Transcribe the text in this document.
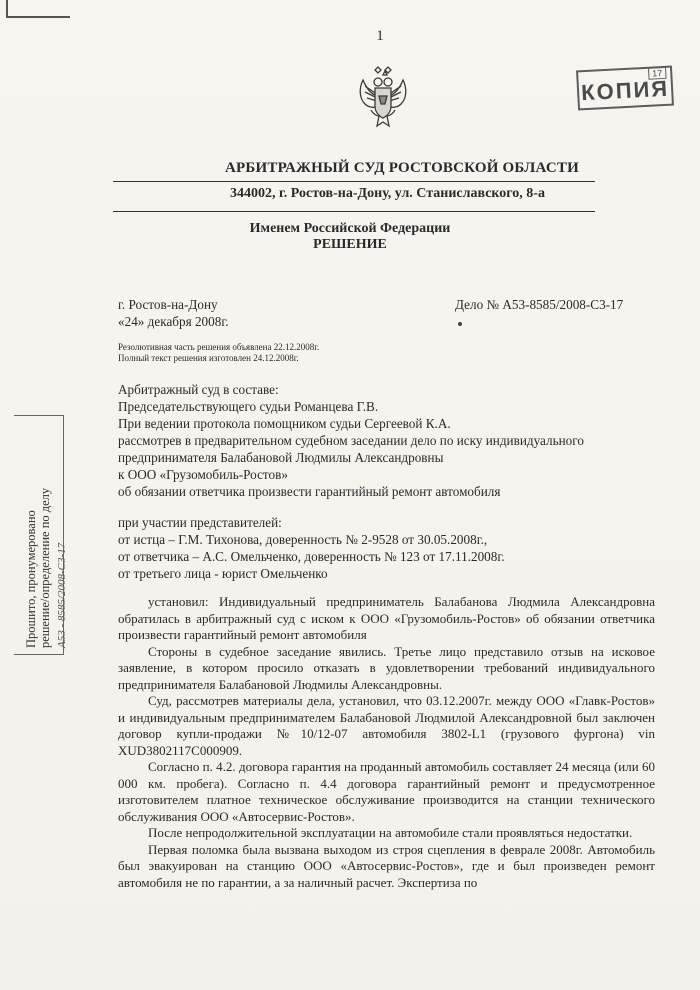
1
КОПИЯ
17
АРБИТРАЖНЫЙ СУД РОСТОВСКОЙ ОБЛАСТИ
344002, г. Ростов-на-Дону, ул. Станиславского, 8-а
Именем Российской Федерации
РЕШЕНИЕ
г. Ростов-на-Дону
«24» декабря 2008г.
Дело № А53-8585/2008-С3-17
Резолютивная часть решения объявлена 22.12.2008г.
Полный текст решения изготовлен 24.12.2008г.
Арбитражный суд в составе:
Председательствующего судьи Романцева Г.В.
При ведении протокола помощником судьи Сергеевой К.А.
рассмотрев в предварительном судебном заседании дело по иску индивидуального
предпринимателя Балабановой Людмилы Александровны
к ООО «Грузомобиль-Ростов»
об обязании ответчика произвести гарантийный ремонт автомобиля
при участии представителей:
от истца – Г.М. Тихонова, доверенность № 2-9528 от 30.05.2008г.,
от ответчика – А.С. Омельченко, доверенность № 123 от 17.11.2008г.
от третьего лица - юрист Омельченко

установил: Индивидуальный предприниматель Балабанова Людмила Александровна обратилась в арбитражный суд с иском к ООО «Грузомобиль-Ростов» об обязании ответчика произвести гарантийный ремонт автомобиля

Стороны в судебное заседание явились. Третье лицо представило отзыв на исковое заявление, в котором просило отказать в удовлетворении требований индивидуального предпринимателя Балабановой Людмилы Александровны.

Суд, рассмотрев материалы дела, установил, что 03.12.2007г. между ООО «Главк-Ростов» и индивидуальным предпринимателем Балабановой Людмилой Александровной был заключен договор купли-продажи №10/12-07 автомобиля 3802-L1 (грузового фургона) vin XUD3802117C000909.

Согласно п. 4.2. договора гарантия на проданный автомобиль составляет 24 месяца (или 60 000 км. пробега). Согласно п. 4.4 договора гарантийный ремонт и предусмотренное изготовителем платное техническое обслуживание производится на станции технического обслуживания ООО «Автосервис-Ростов».

После непродолжительной эксплуатации на автомобиле стали проявляться недостатки.

Первая поломка была вызвана выходом из строя сцепления в феврале 2008г. Автомобиль был эвакуирован на станцию ООО «Автосервис-Ростов», где и был произведен ремонт автомобиля не по гарантии, а за наличный расчет. Экспертиза по

Прошито, пронумеровано решение/определение по делу А53 - 8585/2008-С3-17
